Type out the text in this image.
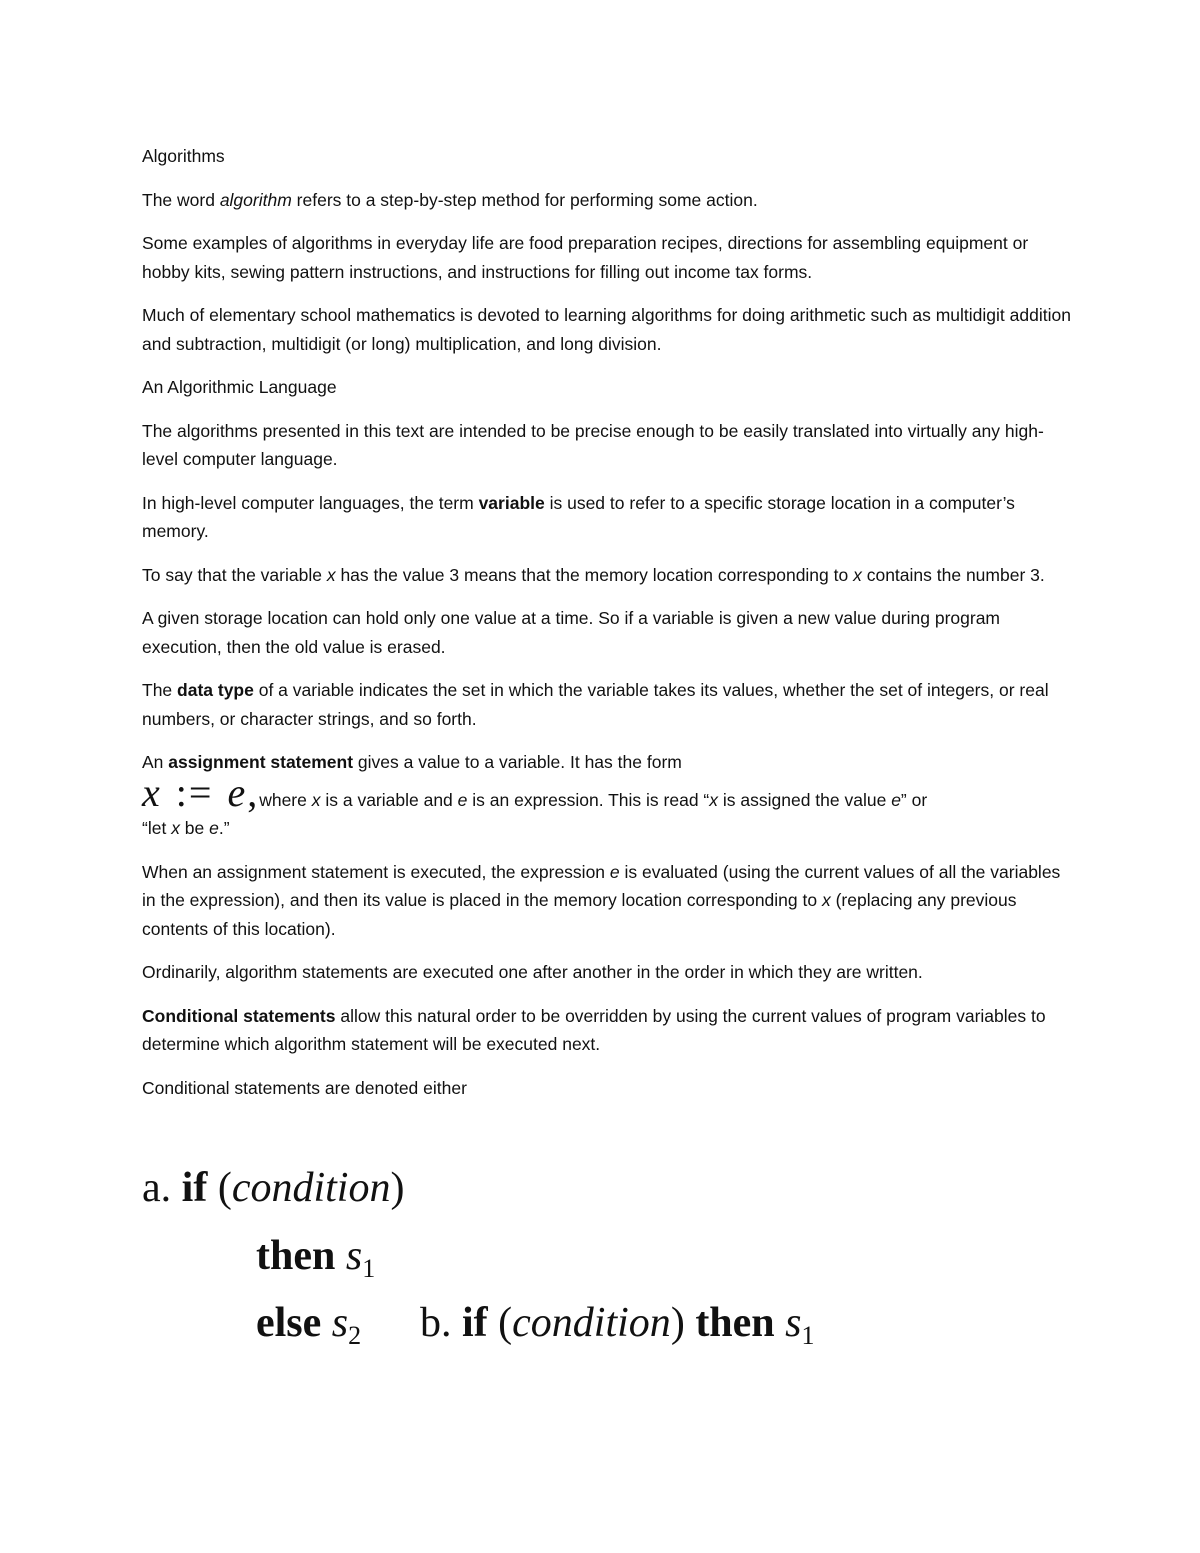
Algorithms

The word algorithm refers to a step-by-step method for performing some action.

Some examples of algorithms in everyday life are food preparation recipes, directions for assembling equipment or hobby kits, sewing pattern instructions, and instructions for filling out income tax forms.

Much of elementary school mathematics is devoted to learning algorithms for doing arithmetic such as multidigit addition and subtraction, multidigit (or long) multiplication, and long division.

An Algorithmic Language

The algorithms presented in this text are intended to be precise enough to be easily translated into virtually any high-level computer language.

In high-level computer languages, the term variable is used to refer to a specific storage location in a computer’s memory.

To say that the variable x has the value 3 means that the memory location corresponding to x contains the number 3.

A given storage location can hold only one value at a time. So if a variable is given a new value during program execution, then the old value is erased.

The data type of a variable indicates the set in which the variable takes its values, whether the set of integers, or real numbers, or character strings, and so forth.

An assignment statement gives a value to a variable. It has the form

x := e, where x is a variable and e is an expression. This is read “x is assigned the value e” or

“let x be e.”

When an assignment statement is executed, the expression e is evaluated (using the current values of all the variables in the expression), and then its value is placed in the memory location corresponding to x (replacing any previous contents of this location).

Ordinarily, algorithm statements are executed one after another in the order in which they are written.

Conditional statements allow this natural order to be overridden by using the current values of program variables to determine which algorithm statement will be executed next.

Conditional statements are denoted either

a. if (condition)
then $s_1$
else $s_2$ b. if (condition) then $s_1$
